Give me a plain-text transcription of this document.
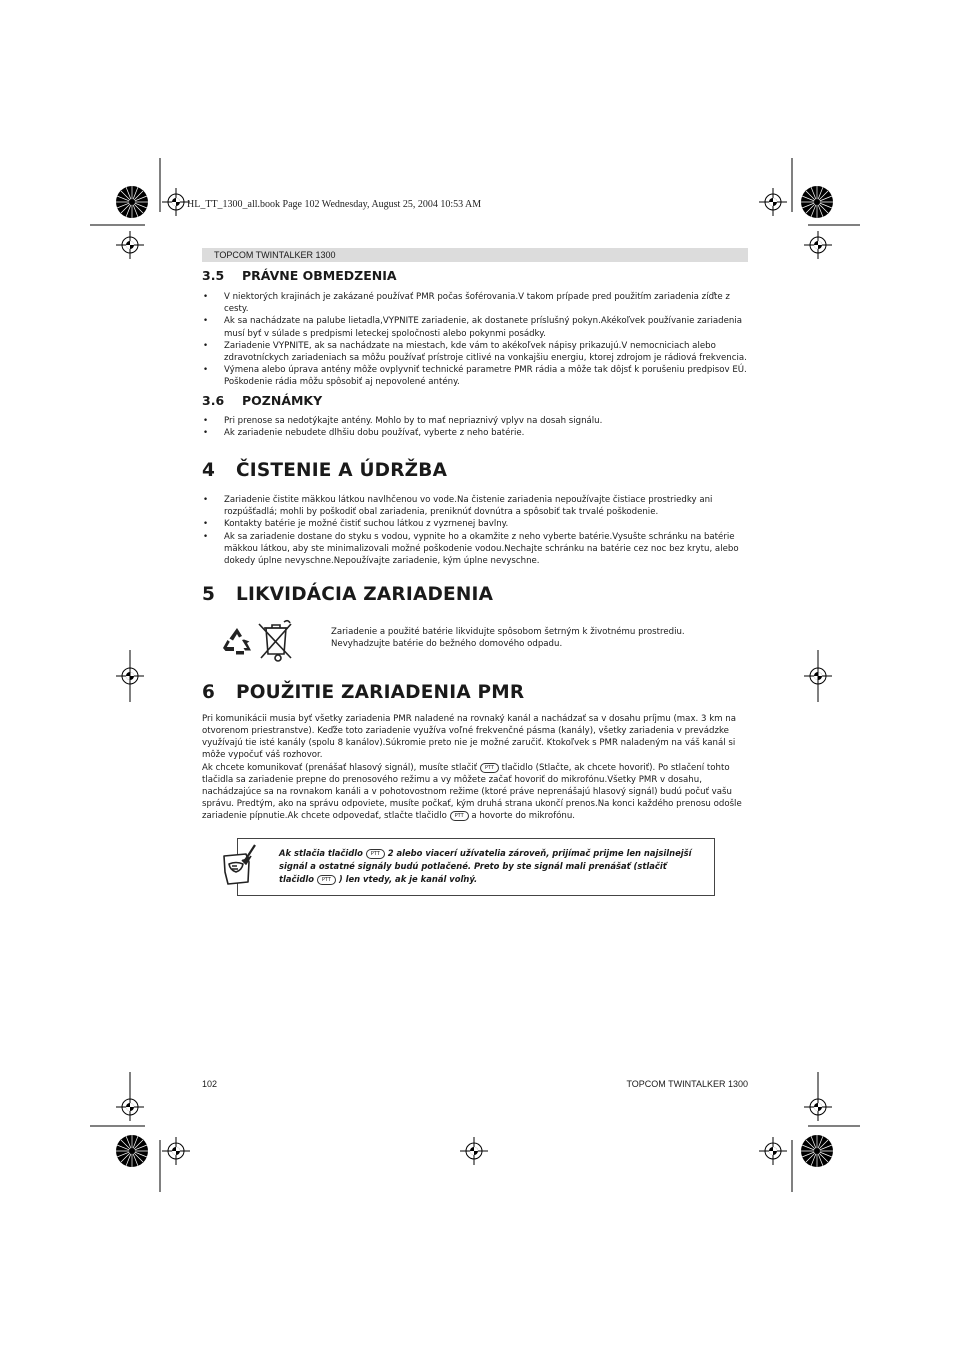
HL_TT_1300_all.book Page 102 Wednesday, August 25, 2004 10:53 AM
TOPCOM TWINTALKER 1300
3.5 PRÁVNE OBMEDZENIA
• V niektorých krajinách je zakázané používať PMR počas šoférovania.V takom prípade pred použitím zariadenia zíďte z cesty.
• Ak sa nachádzate na palube lietadla,VYPNITE zariadenie, ak dostanete príslušný pokyn.Akékoľvek používanie zariadenia musí byť v súlade s predpismi leteckej spoločnosti alebo pokynmi posádky.
• Zariadenie VYPNITE, ak sa nachádzate na miestach, kde vám to akékoľvek nápisy prikazujú.V nemocniciach alebo zdravotníckych zariadeniach sa môžu používať prístroje citlivé na vonkajšiu energiu, ktorej zdrojom je rádiová frekvencia.
• Výmena alebo úprava antény môže ovplyvniť technické parametre PMR rádia a môže tak dôjsť k porušeniu predpisov EÚ. Poškodenie rádia môžu spôsobiť aj nepovolené antény.
3.6 POZNÁMKY
• Pri prenose sa nedotýkajte antény. Mohlo by to mať nepriaznivý vplyv na dosah signálu.
• Ak zariadenie nebudete dlhšiu dobu používať, vyberte z neho batérie.
4 ČISTENIE A ÚDRŽBA
• Zariadenie čistite mäkkou látkou navlhčenou vo vode.Na čistenie zariadenia nepoužívajte čistiace prostriedky ani rozpúšťadlá; mohli by poškodiť obal zariadenia, preniknúť dovnútra a spôsobiť tak trvalé poškodenie.
• Kontakty batérie je možné čistiť suchou látkou z vyzrnenej bavlny.
• Ak sa zariadenie dostane do styku s vodou, vypnite ho a okamžite z neho vyberte batérie.Vysušte schránku na batérie mäkkou látkou, aby ste minimalizovali možné poškodenie vodou.Nechajte schránku na batérie cez noc bez krytu, alebo dokedy úplne nevyschne.Nepoužívajte zariadenie, kým úplne nevyschne.
5 LIKVIDÁCIA ZARIADENIA
Zariadenie a použité batérie likvidujte spôsobom šetrným k životnému prostrediu. Nevyhadzujte batérie do bežného domového odpadu.
6 POUŽITIE ZARIADENIA PMR
Pri komunikácii musia byť všetky zariadenia PMR naladené na rovnaký kanál a nachádzať sa v dosahu príjmu (max. 3 km na otvorenom priestranstve). Keďže toto zariadenie využíva voľné frekvenčné pásma (kanály), všetky zariadenia v prevádzke využívajú tie isté kanály (spolu 8 kanálov).Súkromie preto nie je možné zaručiť. Ktokoľvek s PMR naladeným na váš kanál si môže vypočuť váš rozhovor.
Ak chcete komunikovať (prenášať hlasový signál), musíte stlačiť PTT tlačidlo (Stlačte, ak chcete hovoriť). Po stlačení tohto tlačidla sa zariadenie prepne do prenosového režimu a vy môžete začať hovoriť do mikrofónu.Všetky PMR v dosahu, nachádzajúce sa na rovnakom kanáli a v pohotovostnom režime (ktoré práve neprenášajú hlasový signál) budú počuť vašu správu. Predtým, ako na správu odpoviete, musíte počkať, kým druhá strana ukončí prenos.Na konci každého prenosu odošle zariadenie pípnutie.Ak chcete odpovedať, stlačte tlačidlo PTT a hovorte do mikrofónu.
Ak stlačia tlačidlo PTT 2 alebo viacerí užívatelia zároveň, prijímač prijme len najsilnejší signál a ostatné signály budú potlačené. Preto by ste signál mali prenášať (stlačiť tlačidlo PTT ) len vtedy, ak je kanál voľný.
102	TOPCOM TWINTALKER 1300
